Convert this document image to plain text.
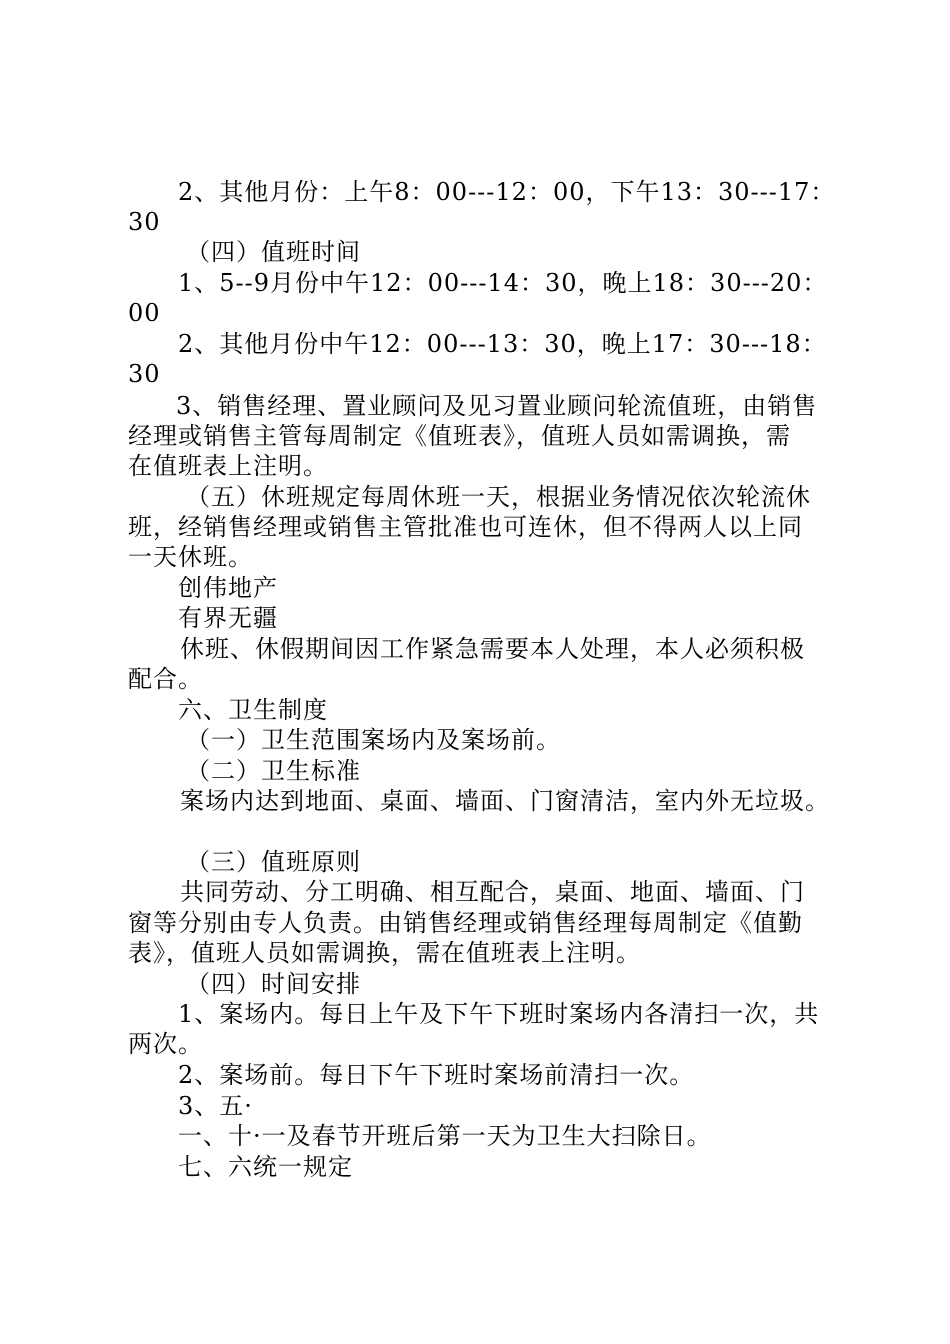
2、其他月份：上午8：00---12：00，下午13：30---17：
30
（四）值班时间
1、5--9月份中午12：00---14：30，晚上18：30---20：
00
2、其他月份中午12：00---13：30，晚上17：30---18：
30
3、销售经理、置业顾问及见习置业顾问轮流值班，由销售
经理或销售主管每周制定《值班表》，值班人员如需调换，需
在值班表上注明。
（五）休班规定每周休班一天，根据业务情况依次轮流休
班，经销售经理或销售主管批准也可连休，但不得两人以上同
一天休班。
创伟地产
有界无疆
休班、休假期间因工作紧急需要本人处理，本人必须积极
配合。
六、卫生制度
（一）卫生范围案场内及案场前。
（二）卫生标准
案场内达到地面、桌面、墙面、门窗清洁，室内外无垃圾。
（三）值班原则
共同劳动、分工明确、相互配合，桌面、地面、墙面、门
窗等分别由专人负责。由销售经理或销售经理每周制定《值勤
表》，值班人员如需调换，需在值班表上注明。
（四）时间安排
1、案场内。每日上午及下午下班时案场内各清扫一次，共
两次。
2、案场前。每日下午下班时案场前清扫一次。
3、五·
一、十·一及春节开班后第一天为卫生大扫除日。
七、六统一规定
